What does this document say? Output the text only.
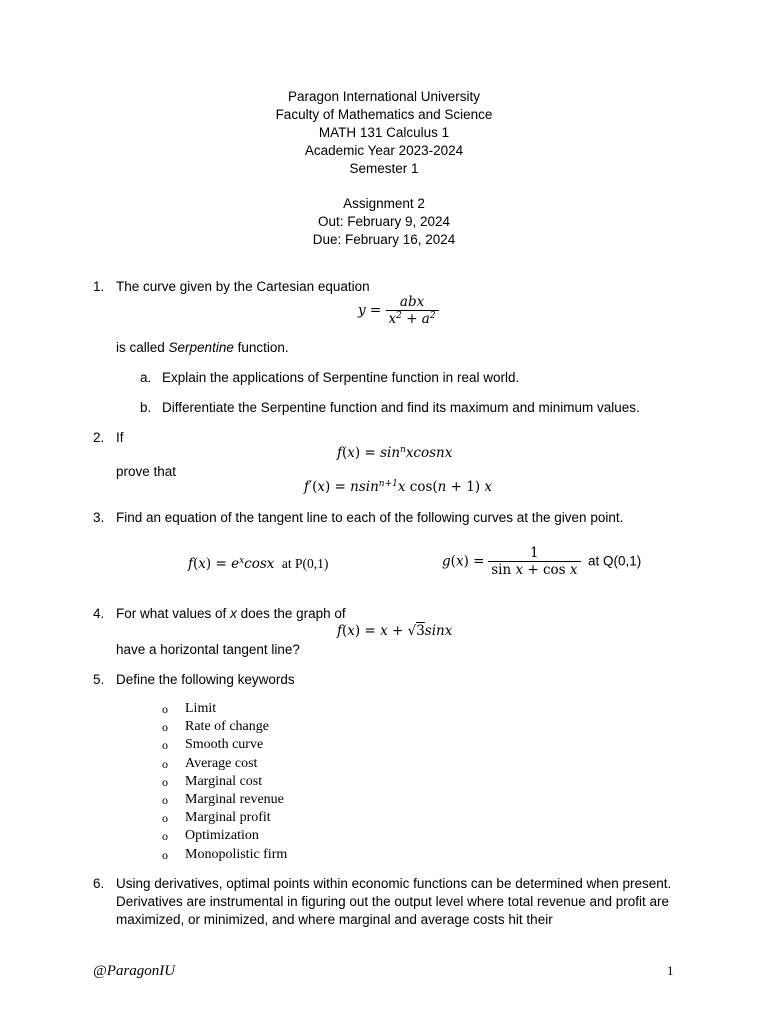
Paragon International University
Faculty of Mathematics and Science
MATH 131 Calculus 1
Academic Year 2023-2024
Semester 1
Assignment 2
Out: February 9, 2024
Due: February 16, 2024
1. The curve given by the Cartesian equation
$y = \frac{\text{abx}}{x^2 + a^2}$
is called Serpentine function.
a. Explain the applications of Serpentine function in real world.
b. Differentiate the Serpentine function and find its maximum and minimum values.
2. If
$f(x) = \sin^nxcosnx$
prove that
f′(x) = nsin$^{n+1}$x cos(n + 1) x
3. Find an equation of the tangent line to each of the following curves at the given point.
$f(x) = e^x\cos x$ at P(0,1)	$g(x) = \frac{1}{\text{sin x + cos x}}$ at Q(0,1)
4. For what values of x does the graph of
f(x) = x + √3sinx
have a horizontal tangent line?
5. Define the following keywords
o	Limit
o	Rate of change
o	Smooth curve
o	Average cost
o	Marginal cost
o	Marginal revenue
o	Marginal profit
o	Optimization
o	Monopolistic firm
6. Using derivatives, optimal points within economic functions can be determined when present. Derivatives are instrumental in figuring out the output level where total revenue and profit are maximized, or minimized, and where marginal and average costs hit their
@ParagonIU	1
